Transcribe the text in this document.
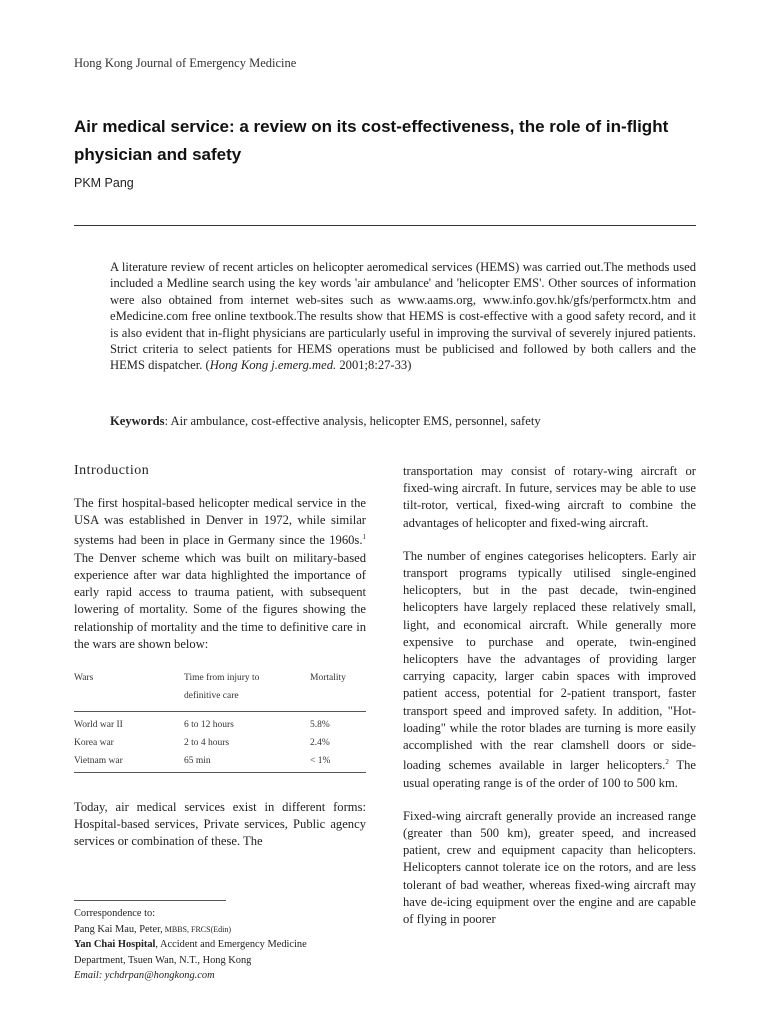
Hong Kong Journal of Emergency Medicine
Air medical service: a review on its cost-effectiveness, the role of in-flight physician and safety
PKM Pang

A literature review of recent articles on helicopter aeromedical services (HEMS) was carried out.The methods used included a Medline search using the key words 'air ambulance' and 'helicopter EMS'. Other sources of information were also obtained from internet web-sites such as www.aams.org, www.info.gov.hk/gfs/performctx.htm and eMedicine.com free online textbook.The results show that HEMS is cost-effective with a good safety record, and it is also evident that in-flight physicians are particularly useful in improving the survival of severely injured patients. Strict criteria to select patients for HEMS operations must be publicised and followed by both callers and the HEMS dispatcher. (Hong Kong j.emerg.med. 2001;8:27-33)

Keywords: Air ambulance, cost-effective analysis, helicopter EMS, personnel, safety

Introduction

The first hospital-based helicopter medical service in the USA was established in Denver in 1972, while similar systems had been in place in Germany since the 1960s.$^1$ The Denver scheme which was built on military-based experience after war data highlighted the importance of early rapid access to trauma patient, with subsequent lowering of mortality. Some of the figures showing the relationship of mortality and the time to definitive care in the wars are shown below:

Wars	Time from injury to definitive care	Mortality
World war II	6 to 12 hours	5.8%
Korea war	2 to 4 hours	2.4%
Vietnam war	65 min	< 1%

Today, air medical services exist in different forms: Hospital-based services, Private services, Public agency services or combination of these. The

transportation may consist of rotary-wing aircraft or fixed-wing aircraft. In future, services may be able to use tilt-rotor, vertical, fixed-wing aircraft to combine the advantages of helicopter and fixed-wing aircraft.

The number of engines categorises helicopters. Early air transport programs typically utilised single-engined helicopters, but in the past decade, twin-engined helicopters have largely replaced these relatively small, light, and economical aircraft. While generally more expensive to purchase and operate, twin-engined helicopters have the advantages of providing larger carrying capacity, larger cabin spaces with improved patient access, potential for 2-patient transport, faster transport speed and improved safety. In addition, "Hot-loading" while the rotor blades are turning is more easily accomplished with the rear clamshell doors or side-loading schemes available in larger helicopters.$^2$ The usual operating range is of the order of 100 to 500 km.

Fixed-wing aircraft generally provide an increased range (greater than 500 km), greater speed, and increased patient, crew and equipment capacity than helicopters. Helicopters cannot tolerate ice on the rotors, and are less tolerant of bad weather, whereas fixed-wing aircraft may have de-icing equipment over the engine and are capable of flying in poorer

Correspondence to:
Pang Kai Mau, Peter, MBBS, FRCS(Edin)
Yan Chai Hospital, Accident and Emergency Medicine
Department, Tsuen Wan, N.T., Hong Kong
Email: ychdrpan@hongkong.com
